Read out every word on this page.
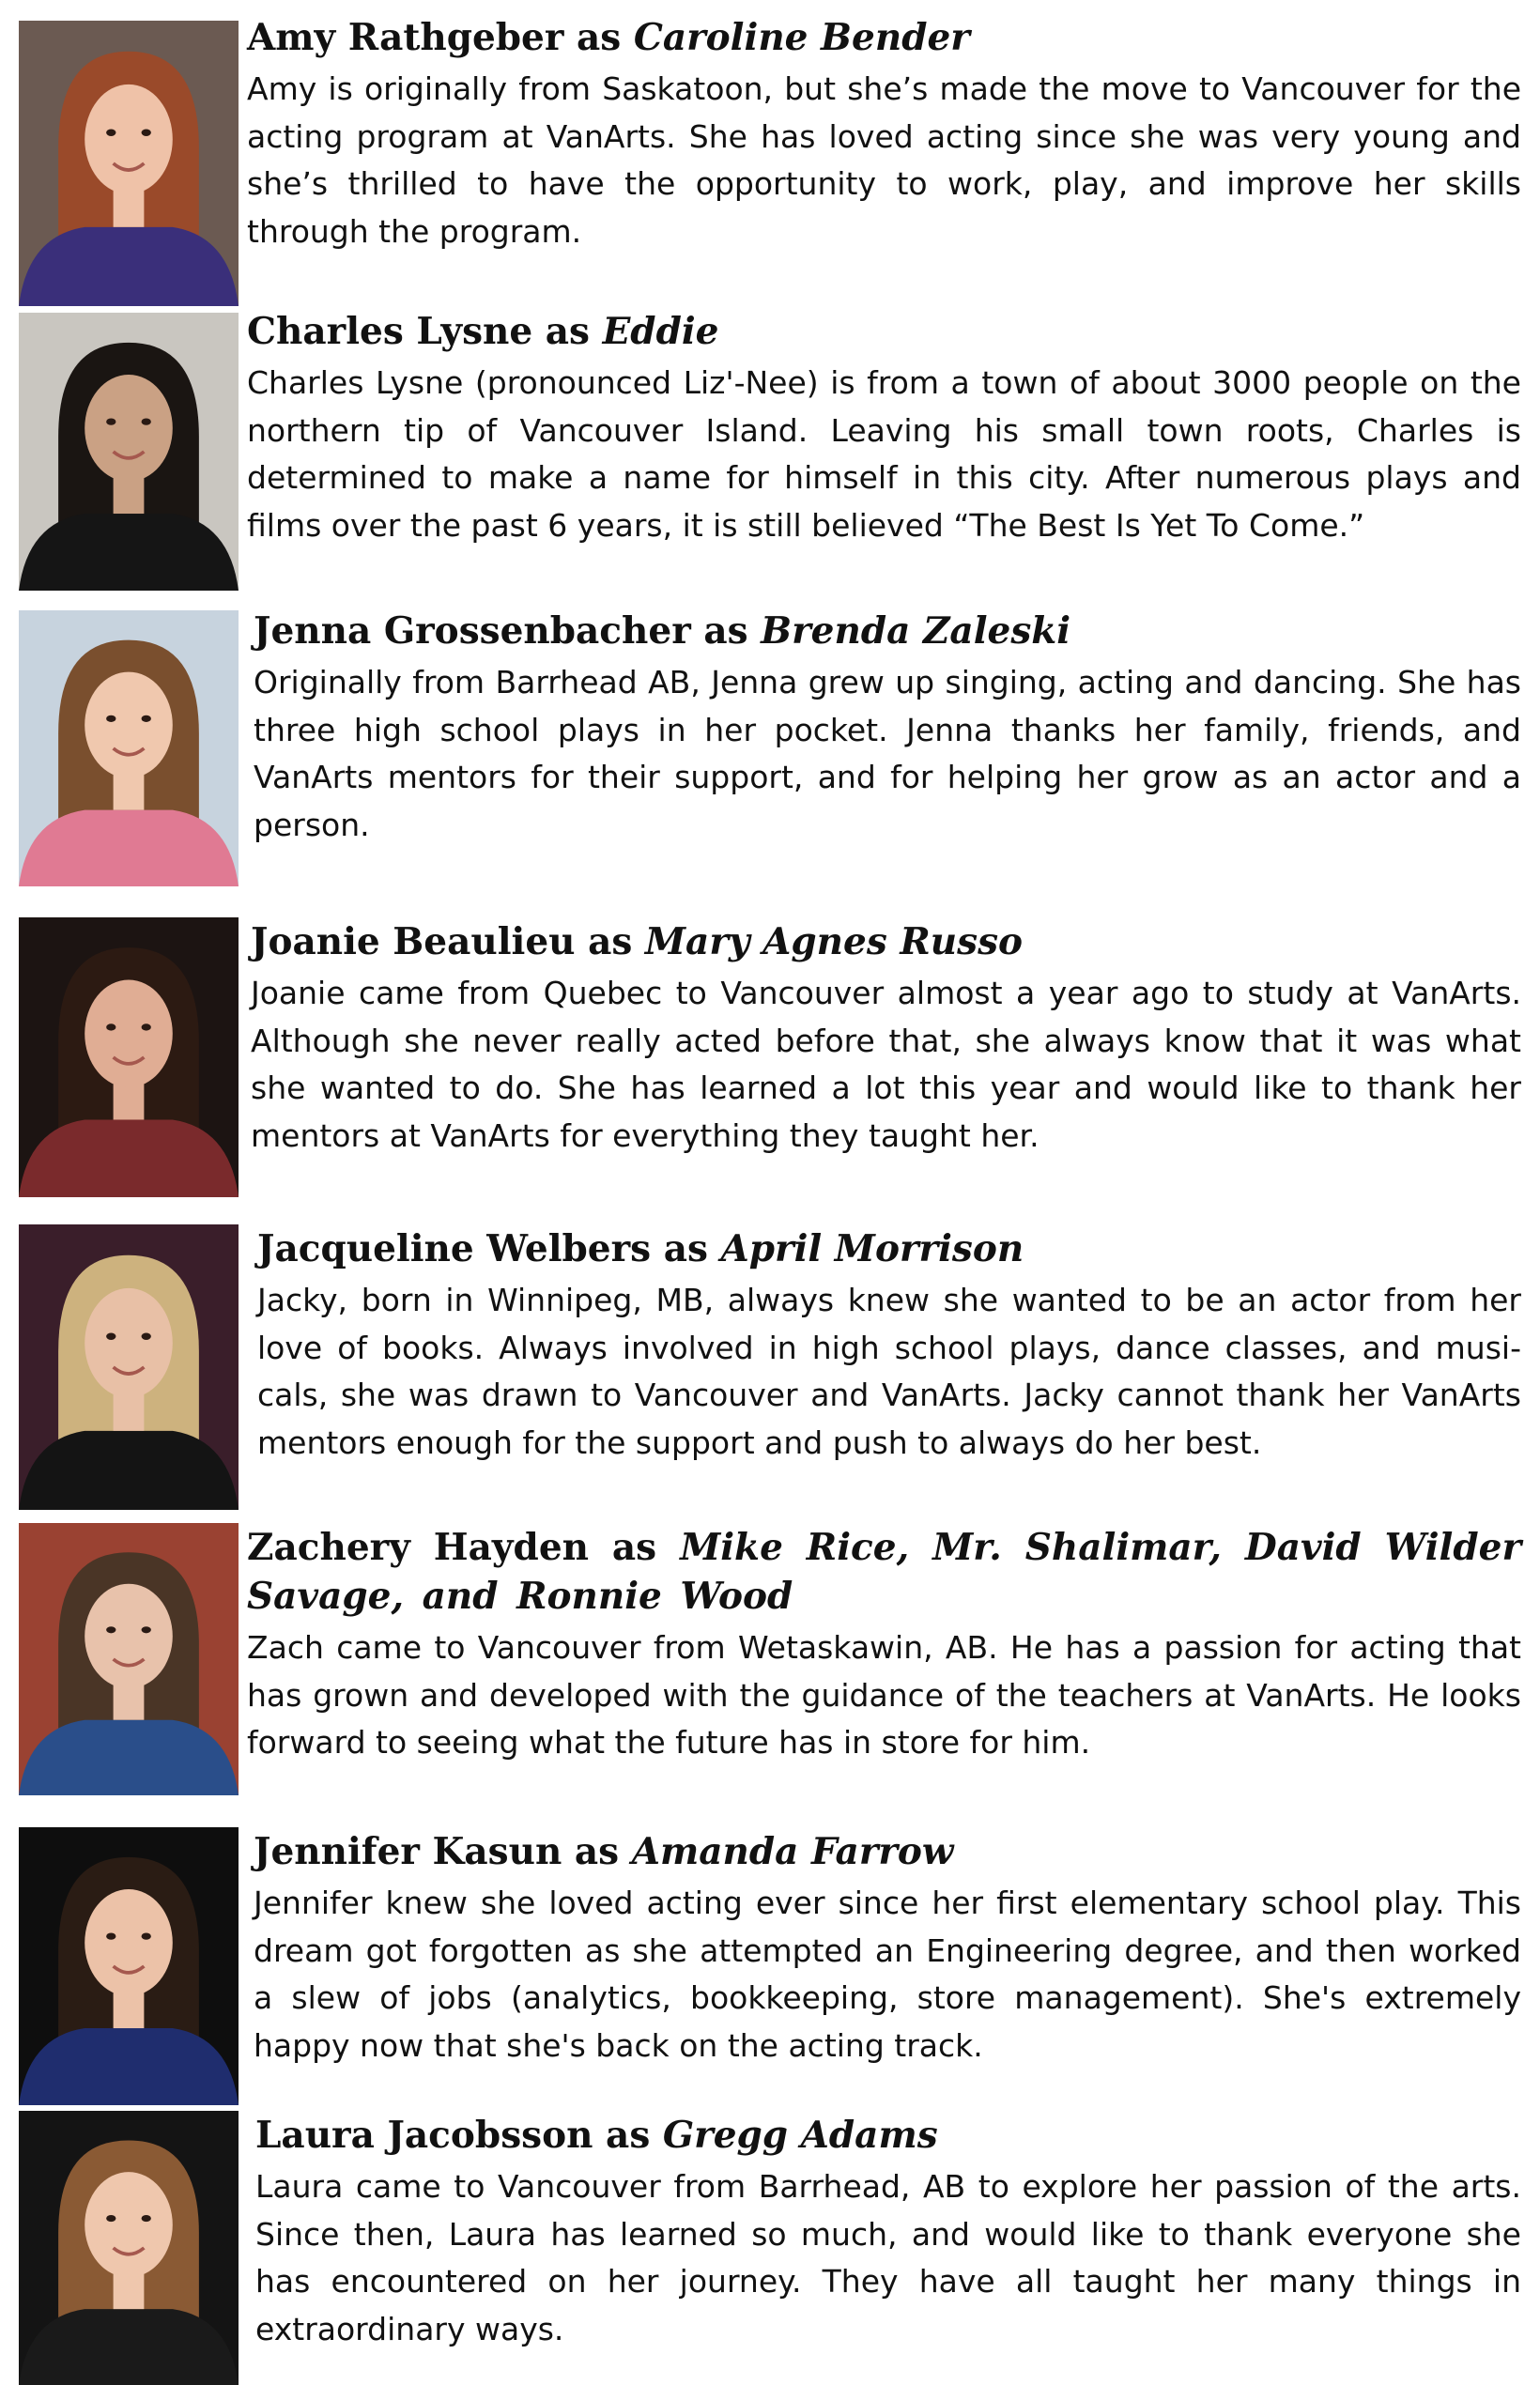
Amy Rathgeber as Caroline Bender

Amy is originally from Saskatoon, but she’s made the move to Vancouver for the acting program at VanArts. She has loved acting since she was very young and she’s thrilled to have the opportunity to work, play, and improve her skills through the program.

Charles Lysne as Eddie

Charles Lysne (pronounced Liz'-Nee) is from a town of about 3000 people on the northern tip of Vancouver Island. Leaving his small town roots, Charles is determined to make a name for himself in this city. After numerous plays and films over the past 6 years, it is still believed “The Best Is Yet To Come.”

Jenna Grossenbacher as Brenda Zaleski

Originally from Barrhead AB, Jenna grew up singing, acting and dancing. She has three high school plays in her pocket. Jenna thanks her family, friends, and VanArts mentors for their support, and for helping her grow as an actor and a person.

Joanie Beaulieu as Mary Agnes Russo

Joanie came from Quebec to Vancouver almost a year ago to study at VanArts. Although she never really acted before that, she always know that it was what she wanted to do. She has learned a lot this year and would like to thank her mentors at VanArts for everything they taught her.

Jacqueline Welbers as April Morrison

Jacky, born in Winnipeg, MB, always knew she wanted to be an actor from her love of books. Always involved in high school plays, dance classes, and musi-cals, she was drawn to Vancouver and VanArts. Jacky cannot thank her VanArts mentors enough for the support and push to always do her best.

Zachery Hayden as Mike Rice, Mr. Shalimar, David Wilder Savage, and Ronnie Wood

Zach came to Vancouver from Wetaskawin, AB. He has a passion for acting that has grown and developed with the guidance of the teachers at VanArts. He looks forward to seeing what the future has in store for him.

Jennifer Kasun as Amanda Farrow

Jennifer knew she loved acting ever since her first elementary school play. This dream got forgotten as she attempted an Engineering degree, and then worked a slew of jobs (analytics, bookkeeping, store management). She's extremely happy now that she's back on the acting track.

Laura Jacobsson as Gregg Adams

Laura came to Vancouver from Barrhead, AB to explore her passion of the arts. Since then, Laura has learned so much, and would like to thank everyone she has encountered on her journey. They have all taught her many things in extraordinary ways.
